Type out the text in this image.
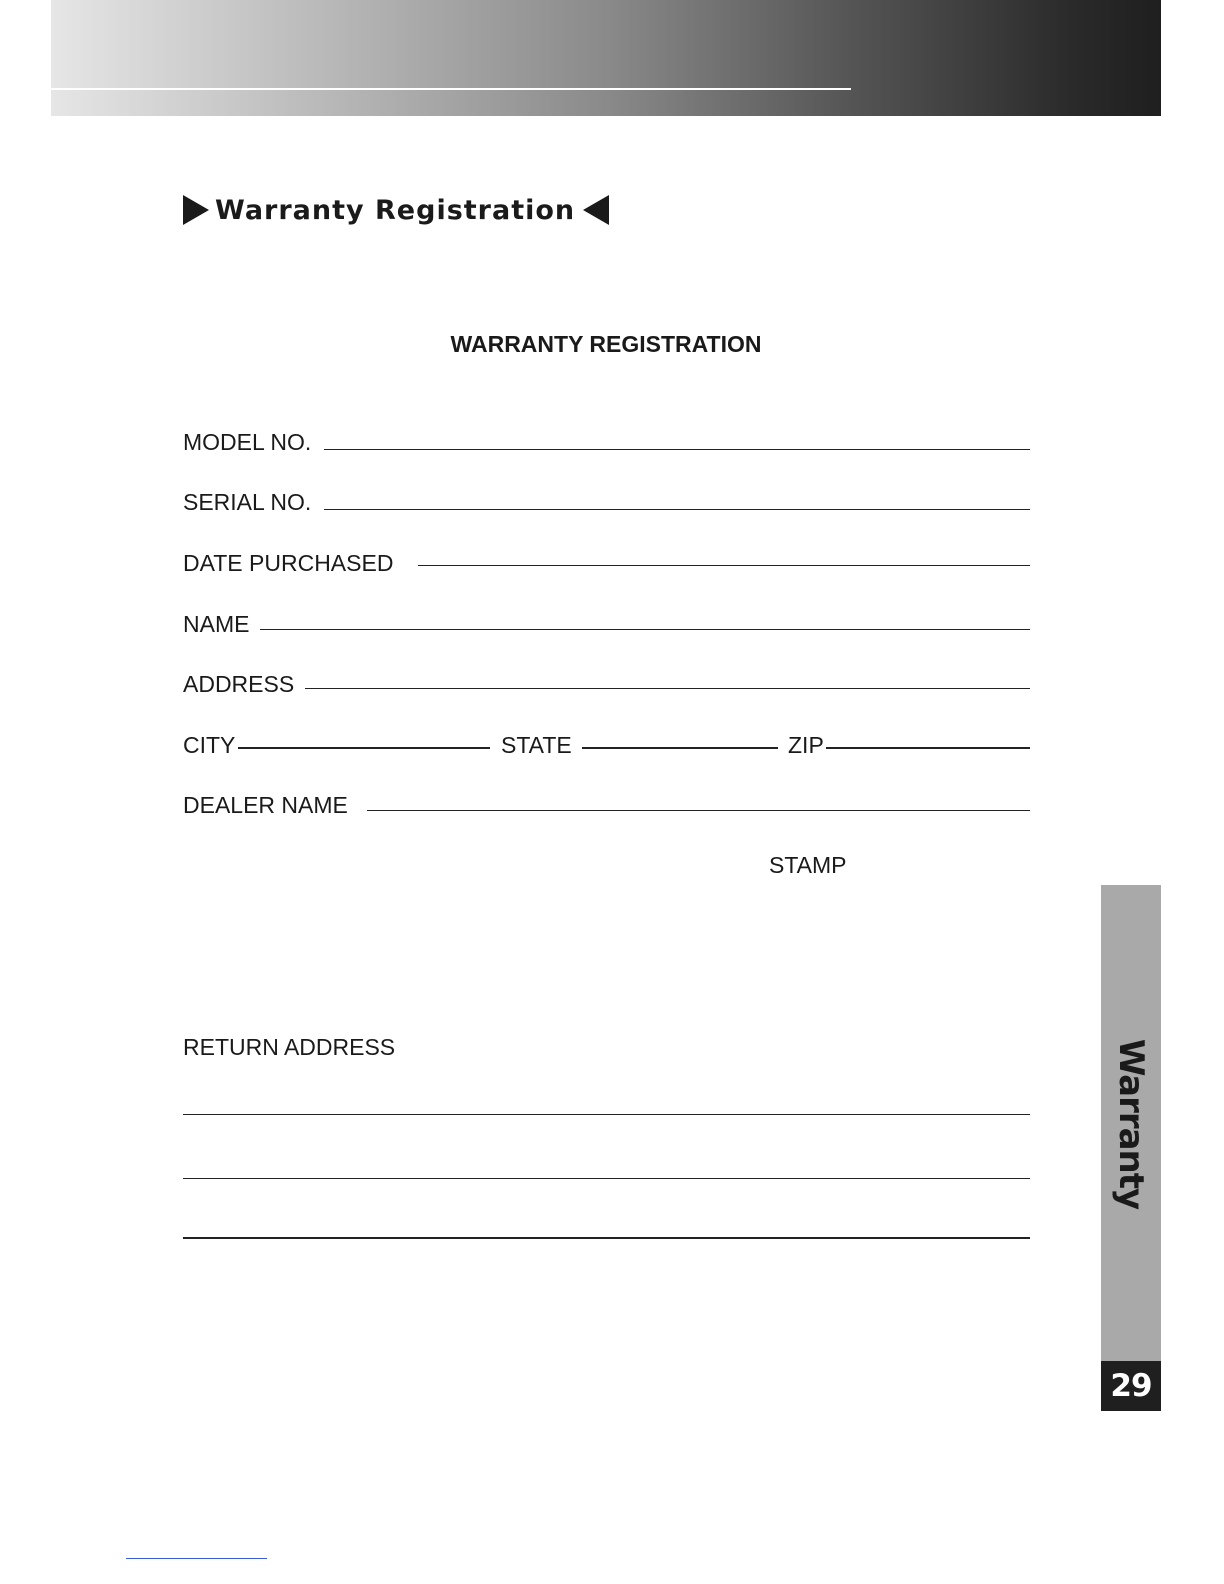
Warranty Registration
WARRANTY REGISTRATION
MODEL NO.
SERIAL NO.
DATE PURCHASED
NAME
ADDRESS
CITY	STATE	ZIP
DEALER NAME
STAMP
RETURN ADDRESS	Warranty
29
